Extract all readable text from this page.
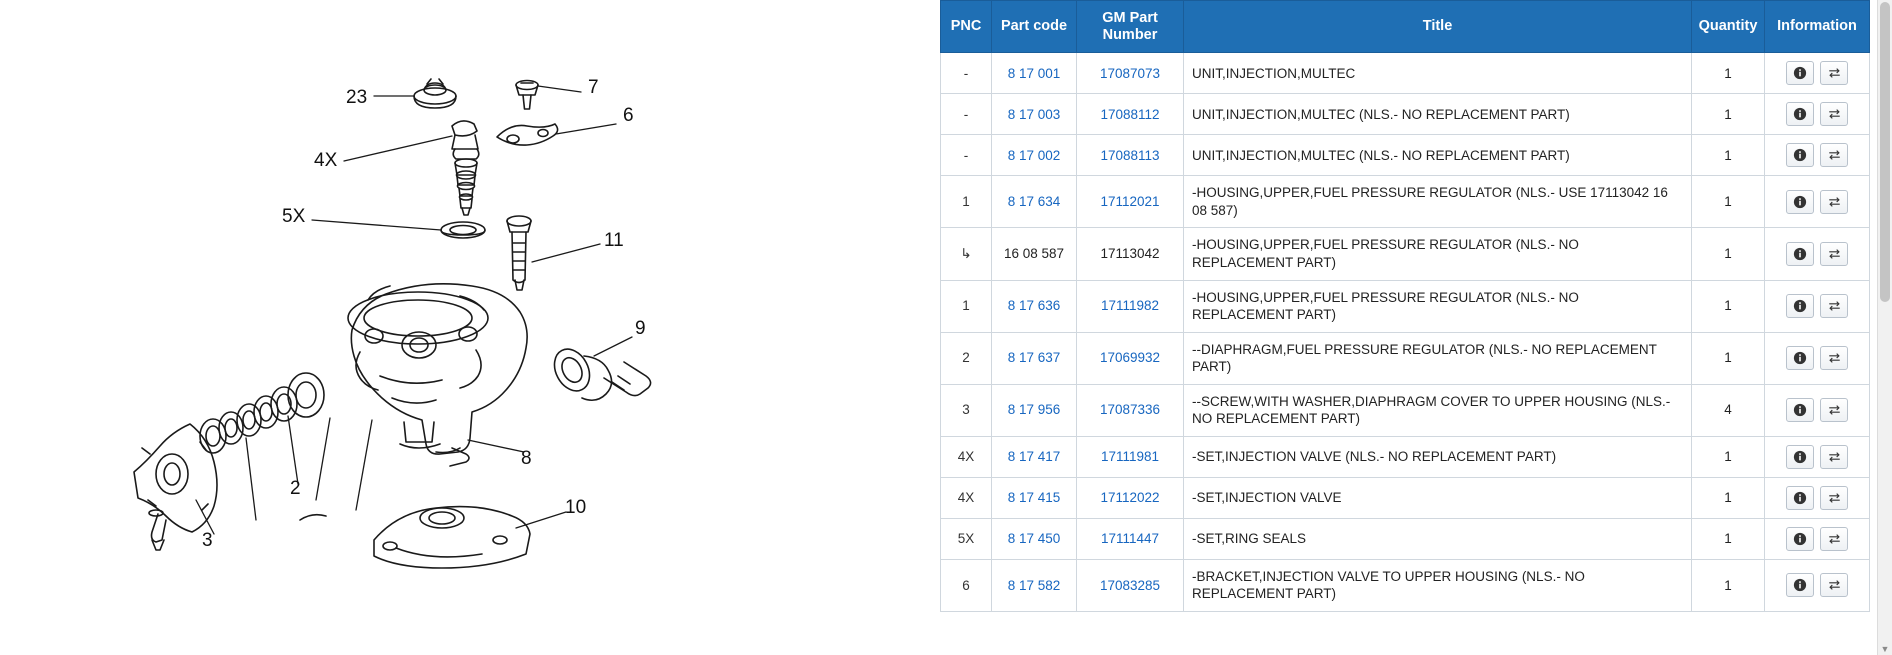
23	7
6
4X
5X
11
9
8
2
10
3
PNC	Part code	GM Part Number	Title	Quantity	Information
-	8 17 001	17087073	UNIT,INJECTION,MULTEC	1	

-	8 17 003	17088112	UNIT,INJECTION,MULTEC (NLS.- NO REPLACEMENT PART)	1	

-	8 17 002	17088113	UNIT,INJECTION,MULTEC (NLS.- NO REPLACEMENT PART)	1	

1	8 17 634	17112021	-HOUSING,UPPER,FUEL PRESSURE REGULATOR (NLS.- USE 17113042 16 08 587)	1	

↳	16 08 587	17113042	-HOUSING,UPPER,FUEL PRESSURE REGULATOR (NLS.- NO REPLACEMENT PART)	1	

1	8 17 636	17111982	-HOUSING,UPPER,FUEL PRESSURE REGULATOR (NLS.- NO REPLACEMENT PART)	1	

2	8 17 637	17069932	--DIAPHRAGM,FUEL PRESSURE REGULATOR (NLS.- NO REPLACEMENT PART)	1	

3	8 17 956	17087336	--SCREW,WITH WASHER,DIAPHRAGM COVER TO UPPER HOUSING (NLS.- NO REPLACEMENT PART)	4	

4X	8 17 417	17111981	-SET,INJECTION VALVE (NLS.- NO REPLACEMENT PART)	1	

4X	8 17 415	17112022	-SET,INJECTION VALVE	1	

5X	8 17 450	17111447	-SET,RING SEALS	1	

6	8 17 582	17083285	-BRACKET,INJECTION VALVE TO UPPER HOUSING (NLS.- NO REPLACEMENT PART)	1	
▼
